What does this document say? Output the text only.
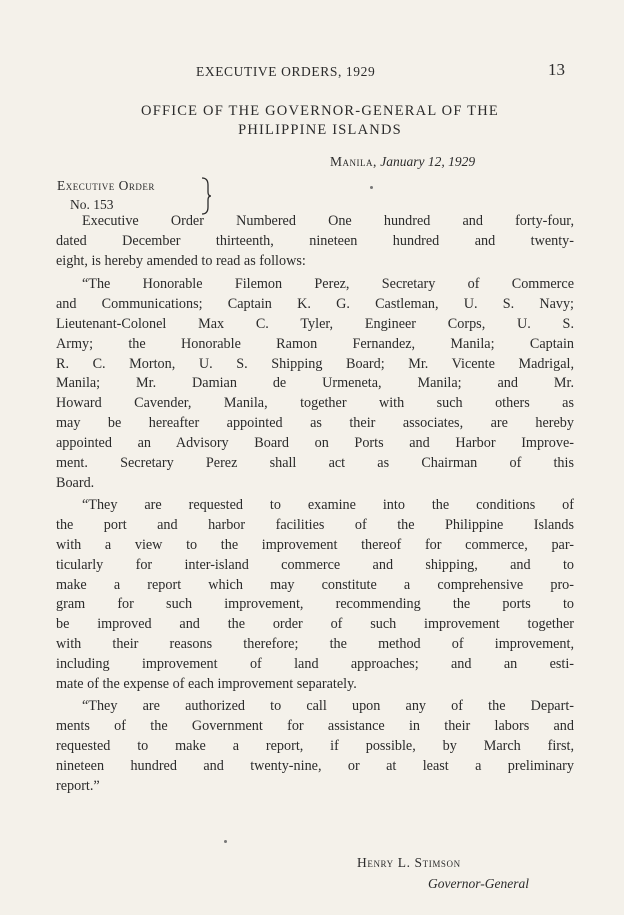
EXECUTIVE ORDERS, 1929	13
OFFICE OF THE GOVERNOR-GENERAL OF THE
PHILIPPINE ISLANDS
Manila, January 12, 1929
Executive Order
No. 153
Executive Order Numbered One hundred and forty-four,
dated December thirteenth, nineteen hundred and twenty-
eight, is hereby amended to read as follows:
“The Honorable Filemon Perez, Secretary of Commerce
and Communications; Captain K. G. Castleman, U. S. Navy;
Lieutenant-Colonel Max C. Tyler, Engineer Corps, U. S.
Army; the Honorable Ramon Fernandez, Manila; Captain
R. C. Morton, U. S. Shipping Board; Mr. Vicente Madrigal,
Manila; Mr. Damian de Urmeneta, Manila; and Mr.
Howard Cavender, Manila, together with such others as
may be hereafter appointed as their associates, are hereby
appointed an Advisory Board on Ports and Harbor Improve-
ment. Secretary Perez shall act as Chairman of this
Board.
“They are requested to examine into the conditions of
the port and harbor facilities of the Philippine Islands
with a view to the improvement thereof for commerce, par-
ticularly for inter-island commerce and shipping, and to
make a report which may constitute a comprehensive pro-
gram for such improvement, recommending the ports to
be improved and the order of such improvement together
with their reasons therefore; the method of improvement,
including improvement of land approaches; and an esti-
mate of the expense of each improvement separately.
“They are authorized to call upon any of the Depart-
ments of the Government for assistance in their labors and
requested to make a report, if possible, by March first,
nineteen hundred and twenty-nine, or at least a preliminary
report.”
Henry L. Stimson
Governor-General
